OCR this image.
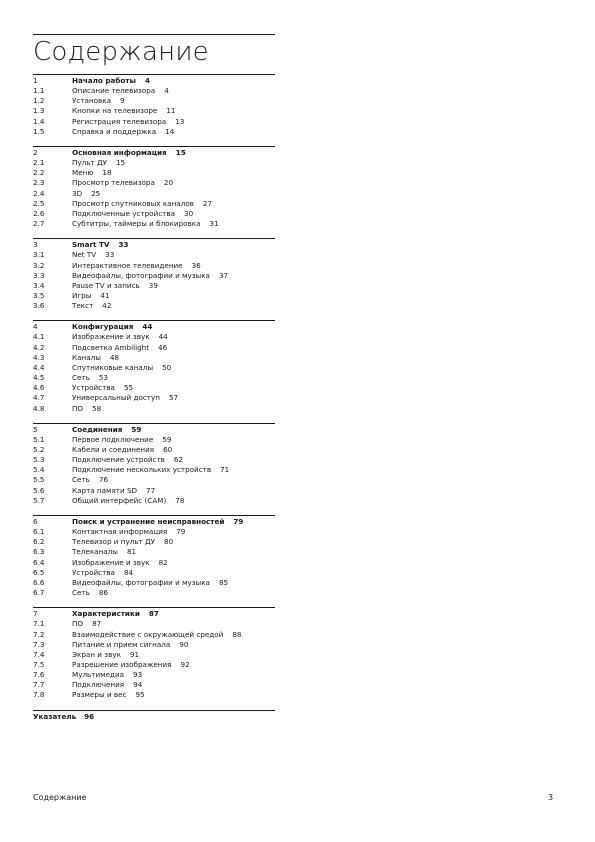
Содержание
1	Начало работы 4
1.1	Описание телевизора 4
1.2	Установка 9
1.3	Кнопки на телевизоре 11
1.4	Регистрация телевизора 13
1.5	Справка и поддержка 14
2	Основная информация 15
2.1	Пульт ДУ 15
2.2	Меню 18
2.3	Просмотр телевизора 20
2.4	3D 25
2.5	Просмотр спутниковых каналов 27
2.6	Подключенные устройства 30
2.7	Субтитры, таймеры и блокировка 31
3	Smart TV 33
3.1	Net TV 33
3.2	Интерактивное телевидение 36
3.3	Видеофайлы, фотографии и музыка 37
3.4	Pause TV и запись 39
3.5	Игры 41
3.6	Текст 42
4	Конфигурация 44
4.1	Изображение и звук 44
4.2	Подсветка Ambilight 46
4.3	Каналы 48
4.4	Спутниковые каналы 50
4.5	Сеть 53
4.6	Устройства 55
4.7	Универсальный доступ 57
4.8	ПО 58
5	Соединения 59
5.1	Первое подключение 59
5.2	Кабели и соединения 60
5.3	Подключение устройств 62
5.4	Подключение нескольких устройств 71
5.5	Сеть 76
5.6	Карта памяти SD 77
5.7	Общий интерфейс (CAM) 78
6	Поиск и устранение неисправностей 79
6.1	Контактная информация 79
6.2	Телевизор и пульт ДУ 80
6.3	Телеканалы 81
6.4	Изображение и звук 82
6.5	Устройства 84
6.6	Видеофайлы, фотографии и музыка 85
6.7	Сеть 86
7	Характеристики 87
7.1	ПО 87
7.2	Взаимодействие с окружающей средой 88
7.3	Питание и прием сигнала 90
7.4	Экран и звук 91
7.5	Разрешение изображения 92
7.6	Мультимедиа 93
7.7	Подключения 94
7.8	Размеры и вес 95
Указатель 96
Содержание	3
